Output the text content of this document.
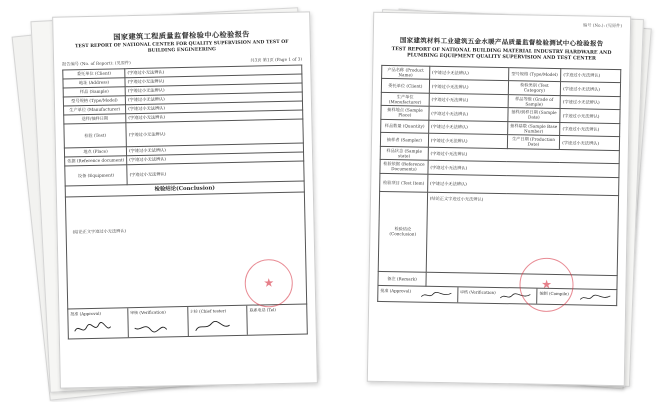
国家建筑工程质量监督检验中心检验报告
TEST REPORT OF NATIONAL CENTER FOR QUALITY SUPERVISION AND TEST OF BUILDING ENGINEERING
报告编号 (No. of Report): (见原件)
共3页 第1页 (Page 1 of 3)
委托单位 (Client)	(字迹过小无法辨认)
地址 (Address)	(字迹过小无法辨认)
样品 (Sample)	(字迹过小无法辨认)
型号规格 (Type/Model)	(字迹过小无法辨认)
生产单位 (Manufacturer)	(字迹过小无法辨认)
送样/抽样日期	(字迹过小无法辨认)
检验 (Test)	(字迹过小无法辨认)
地点 (Place)	(字迹过小无法辨认)
依据 (Reference document)	(字迹过小无法辨认)
设备 (Equipment)	(字迹过小无法辨认)
检验结论(Conclusion)
(结论正文字迹过小无法辨认)
批准 (Approval)	审核 (Verification)	主检 (Chief tester)	联系电话 (Tel)
★
编号 (No.): (见原件)
国家建筑材料工业建筑五金水暖产品质量监督检验测试中心检验报告
TEST REPORT OF NATIONAL BUILDING MATERIAL INDUSTRY HARDWARE AND PLUMBING EQUIPMENT QUALITY SUPERVISION AND TEST CENTER
产品名称 (Product Name)	(字迹过小无法辨认)	型号规格 (Type/Model)	(字迹过小无法辨认)
委托单位 (Client)	(字迹过小无法辨认)	检验类别 (Test Category)	(字迹过小无法辨认)
生产单位 (Manufacturer)	(字迹过小无法辨认)	样品等级 (Grade of Sample)	(字迹过小无法辨认)
抽样地点 (Sample Place)	(字迹过小无法辨认)	抽样/到样日期 (Sample Date)	(字迹过小无法辨认)
样品数量 (Quantity)	(字迹过小无法辨认)	抽样基数 (Sample Base Number)	(字迹过小无法辨认)
抽样者 (Sampler)	(字迹过小无法辨认)	生产日期 (Production Date)	(字迹过小无法辨认)
样品状态 (Sample state)	(字迹过小无法辨认)		
检验依据 (Reference Documents)	(字迹过小无法辨认)		
检验项目 (Test Item)	(字迹过小无法辨认)		
检验结论 (Conclusion)	(结论正文字迹过小无法辨认)

备注 (Remark)	
批准 (Approval)	审核 (Verification)	编制 (Compile)
★
